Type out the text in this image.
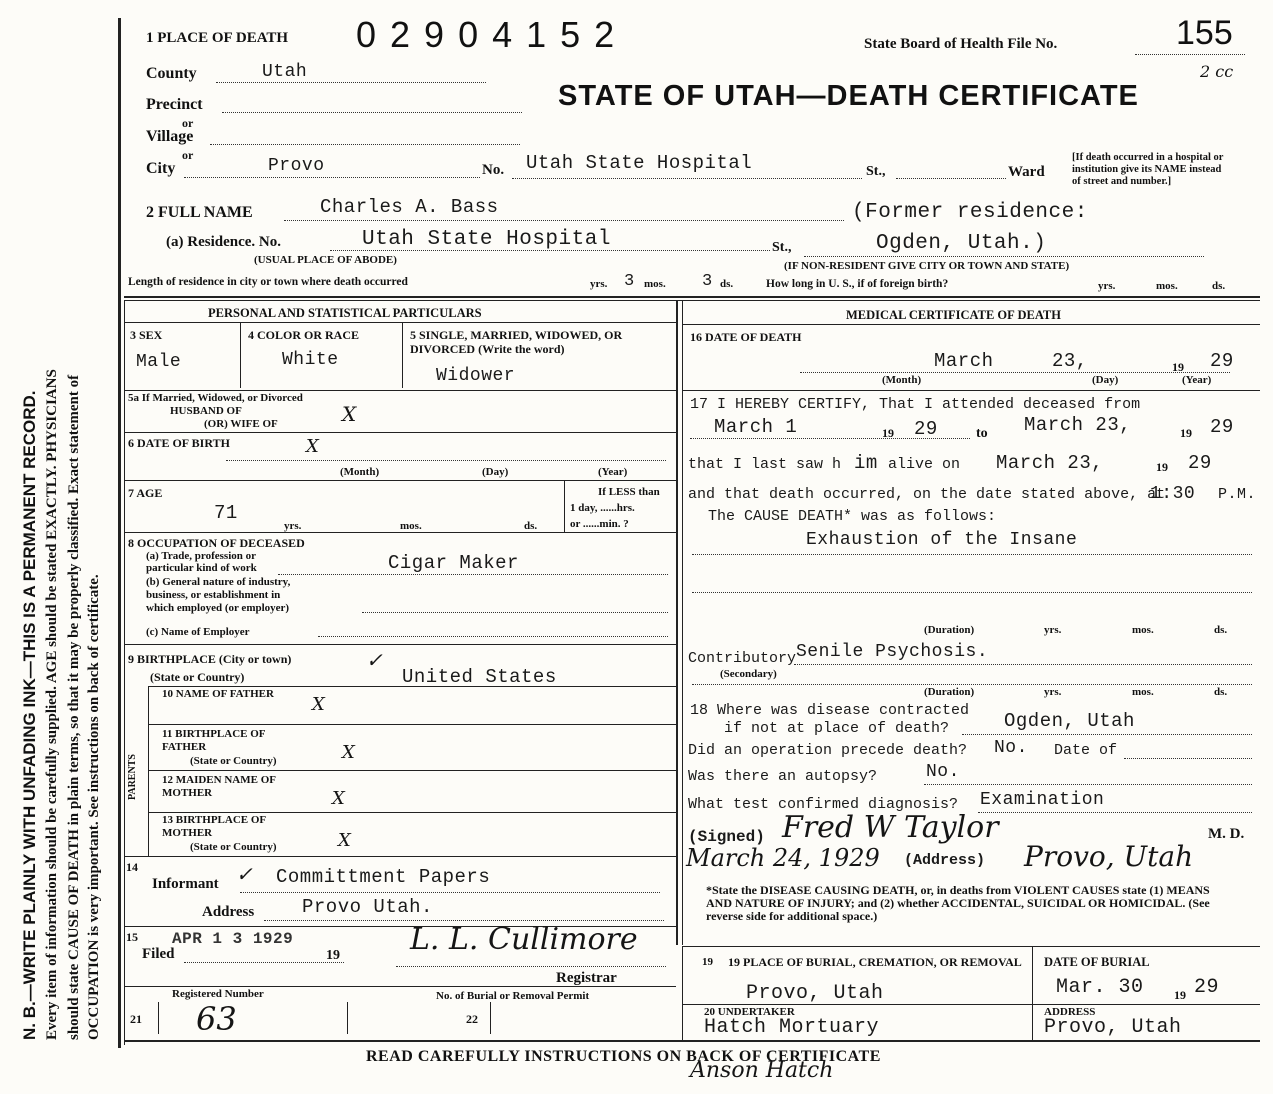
N. B.—WRITE PLAINLY WITH UNFADING INK—THIS IS A PERMANENT RECORD. Every item of information should be carefully supplied. AGE should be stated EXACTLY. PHYSICIANS should state CAUSE OF DEATH in plain terms, so that it may be properly classified. Exact statement of OCCUPATION is very important. See instructions on back of certificate.
1 PLACE OF DEATH 0 2 9 0 4 1 5 2	State Board of Health File No.	155
2 cc
STATE OF UTAH—DEATH CERTIFICATE
County	Utah
Precinct
or
Village
or
City	Provo	No. Utah State Hospital	St.,	Ward
[If death occurred in a hospital or institution give its NAME instead of street and number.]
2 FULL NAME	Charles A. Bass	(Former residence:
(a) Residence. No.	Utah State Hospital
(USUAL PLACE OF ABODE)
St.,	Ogden, Utah.)
(IF NON-RESIDENT GIVE CITY OR TOWN AND STATE)
Length of residence in city or town where death occurred	3
yrs.	mos. 3 ds.	How long in U. S., if of foreign birth?	yrs.	mos.	ds.
PERSONAL AND STATISTICAL PARTICULARS
3 SEX
Male
4 COLOR OR RACE
White
5 SINGLE, MARRIED, WIDOWED, OR DIVORCED (Write the word)
Widower
5a If Married, Widowed, or Divorced
HUSBAND OF
(OR) WIFE OF	X
6 DATE OF BIRTH	X
(Month)	(Day)	(Year)
7 AGE
71
yrs.	mos.	ds.
If LESS than
1 day, ......hrs.
or ......min. ?
8 OCCUPATION OF DECEASED
(a) Trade, profession or
particular kind of work	Cigar Maker
(b) General nature of industry,
business, or establishment in
which employed (or employer)
(c) Name of Employer
9 BIRTHPLACE (City or town)
(State or Country)
✓
United States
PARENTS
10 NAME OF FATHER	X
11 BIRTHPLACE OF FATHER
(State or Country)	X
12 MAIDEN NAME OF MOTHER	X
13 BIRTHPLACE OF MOTHER
(State or Country)	X
14
Informant ✓ Committment Papers
Address	Provo Utah.
15 APR 1 3 1929
Filed	19 L. L. Cullimore
Registrar
Registered Number
21 63
No. of Burial or Removal Permit
22
MEDICAL CERTIFICATE OF DEATH
16 DATE OF DEATH
March	23,	19 29
(Month)	(Day)	(Year)
17 I HEREBY CERTIFY, That I attended deceased from
March 1	19 29	to March 23,	19 29
that I last saw h im alive on March 23,	19 29
and that death occurred, on the date stated above, at
1:30 P.M.
The CAUSE DEATH* was as follows:
Exhaustion of the Insane
(Duration)	yrs.	mos.	ds.
Contributory Senile Psychosis.
(Secondary)
(Duration)	yrs.	mos.	ds.
18 Where was disease contracted
if not at place of death?	Ogden, Utah
Did an operation precede death? No. Date of
Was there an autopsy?	No.
What test confirmed diagnosis? Examination
(Signed) Fred W Taylor	M. D.
March 24, 1929 (Address) Provo, Utah
*State the DISEASE CAUSING DEATH, or, in deaths from VIOLENT CAUSES state (1) MEANS AND NATURE OF INJURY; and (2) whether ACCIDENTAL, SUICIDAL OR HOMICIDAL. (See reverse side for additional space.)
19 19 PLACE OF BURIAL, CREMATION, OR REMOVAL
Provo, Utah
DATE OF BURIAL
Mar. 30	19 29
20 UNDERTAKER
Hatch Mortuary
ADDRESS
Provo, Utah
READ CAREFULLY INSTRUCTIONS ON BACK OF CERTIFICATE
Anson Hatch
